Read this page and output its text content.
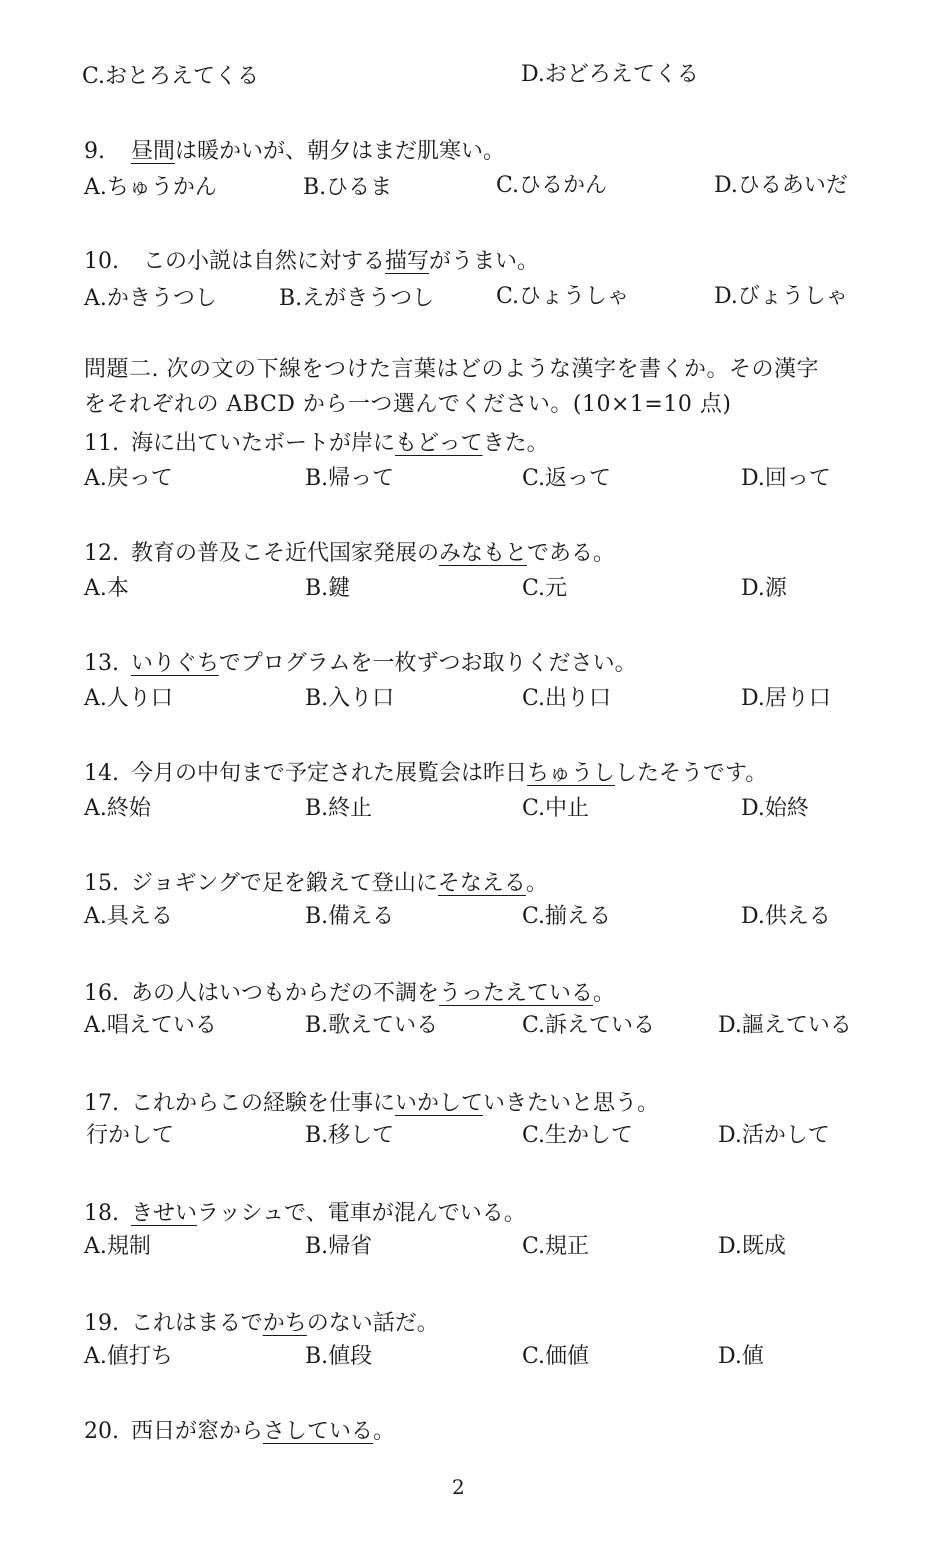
C.おとろえてくる	D.おどろえてくる
9. 昼間は暖かいが、朝夕はまだ肌寒い。
A.ちゅうかん	B.ひるま	C.ひるかん	D.ひるあいだ
10. この小説は自然に対する描写がうまい。
A.かきうつし	B.えがきうつし	C.ひょうしゃ	D.びょうしゃ
問題二. 次の文の下線をつけた言葉はどのような漢字を書くか。その漢字
をそれぞれの ABCD から一つ選んでください。(10×1=10 点)
11. 海に出ていたボートが岸にもどってきた。
A.戻って	B.帰って	C.返って	D.回って
12. 教育の普及こそ近代国家発展のみなもとである。
A.本	B.鍵	C.元	D.源
13. いりぐちでプログラムを一枚ずつお取りください。
A.人り口	B.入り口	C.出り口	D.居り口
14. 今月の中旬まで予定された展覧会は昨日ちゅうししたそうです。
A.終始	B.終止	C.中止	D.始終
15. ジョギングで足を鍛えて登山にそなえる。
A.具える	B.備える	C.揃える	D.供える
16. あの人はいつもからだの不調をうったえている。
A.唱えている	B.歌えている	C.訴えている	D.謳えている
17. これからこの経験を仕事にいかしていきたいと思う。
行かして	B.移して	C.生かして	D.活かして
18. きせいラッシュで、電車が混んでいる。
A.規制	B.帰省	C.規正	D.既成
19. これはまるでかちのない話だ。
A.値打ち	B.値段	C.価値	D.値
20. 西日が窓からさしている。
2
